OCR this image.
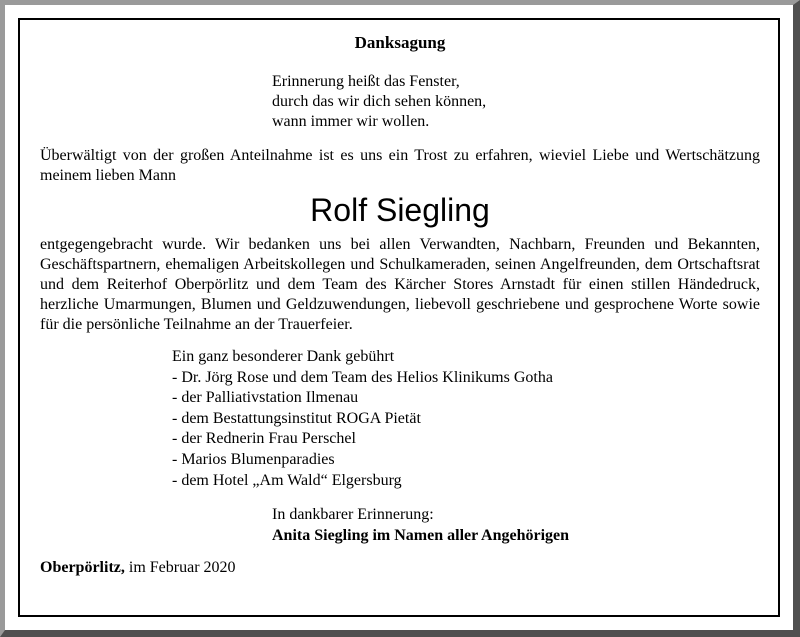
Danksagung
Erinnerung heißt das Fenster,
durch das wir dich sehen können,
wann immer wir wollen.

Überwältigt von der großen Anteilnahme ist es uns ein Trost zu erfahren, wieviel Liebe und Wertschätzung meinem lieben Mann

Rolf Siegling

entgegengebracht wurde. Wir bedanken uns bei allen Verwandten, Nachbarn, Freunden und Bekannten, Geschäftspartnern, ehemaligen Arbeitskollegen und Schulkameraden, seinen Angelfreunden, dem Ortschaftsrat und dem Reiterhof Oberpörlitz und dem Team des Kärcher Stores Arnstadt für einen stillen Händedruck, herzliche Umarmungen, Blumen und Geldzuwendungen, liebevoll geschriebene und gesprochene Worte sowie für die persönliche Teilnahme an der Trauerfeier.

Ein ganz besonderer Dank gebührt
- Dr. Jörg Rose und dem Team des Helios Klinikums Gotha
- der Palliativstation Ilmenau
- dem Bestattungsinstitut ROGA Pietät
- der Rednerin Frau Perschel
- Marios Blumenparadies
- dem Hotel „Am Wald“ Elgersburg
In dankbarer Erinnerung:
Anita Siegling im Namen aller Angehörigen
Oberpörlitz, im Februar 2020
